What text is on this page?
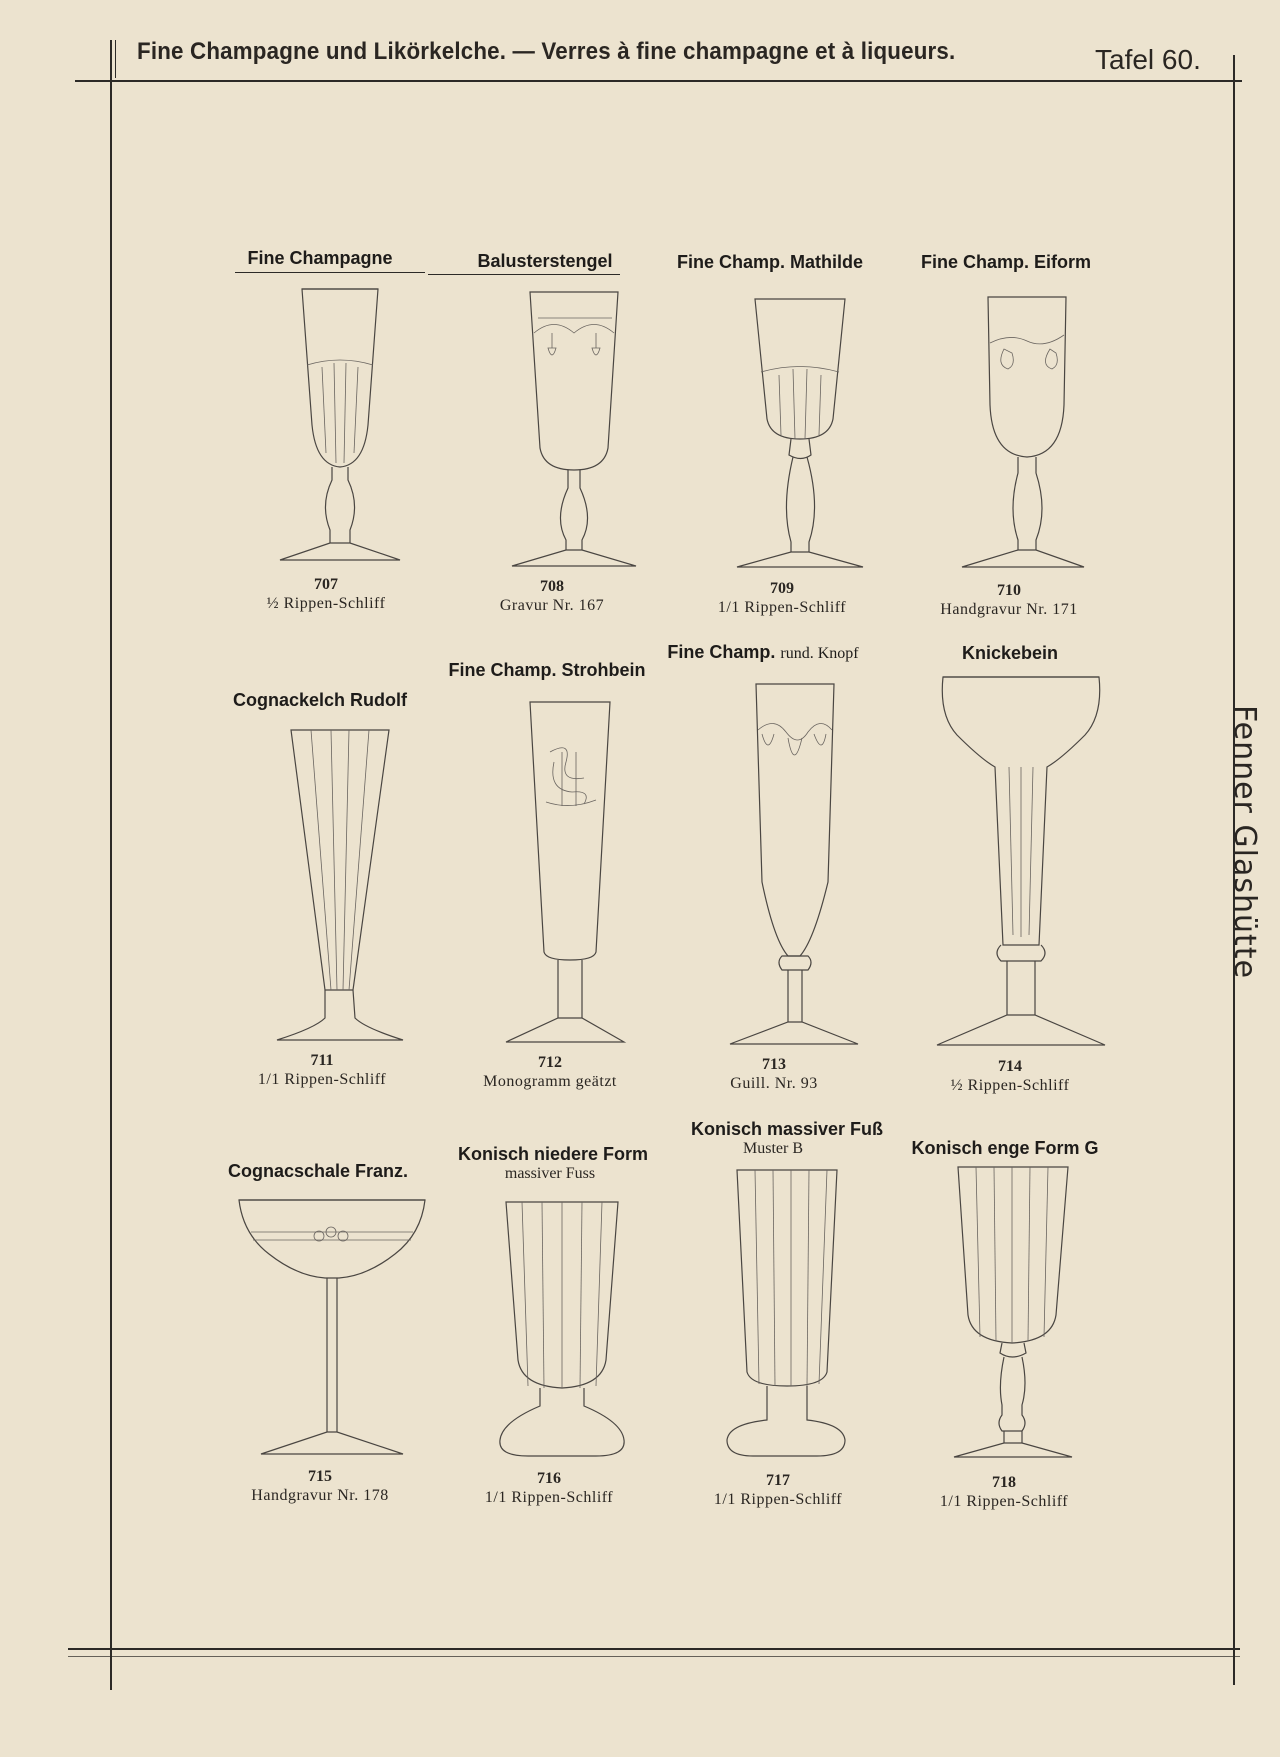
Fine Champagne und Likörkelche. — Verres à fine champagne et à liqueurs.	Tafel 60.
Fenner Glashütte
Fine Champagne	Balusterstengel	Fine Champ. Mathilde	Fine Champ. Eiform
707
½ Rippen-Schliff
708
Gravur Nr. 167
709
1/1 Rippen-Schliff
710
Handgravur Nr. 171
Cognackelch Rudolf
Fine Champ. Strohbein
Fine Champ. rund. Knopf	Knickebein
711
1/1 Rippen-Schliff
712
Monogramm geätzt
713
Guill. Nr. 93
714
½ Rippen-Schliff
Cognacschale Franz.
Konisch niedere Form
massiver Fuss
Konisch massiver Fuß
Muster B	Konisch enge Form G
715
Handgravur Nr. 178
716
1/1 Rippen-Schliff
717
1/1 Rippen-Schliff
718
1/1 Rippen-Schliff
